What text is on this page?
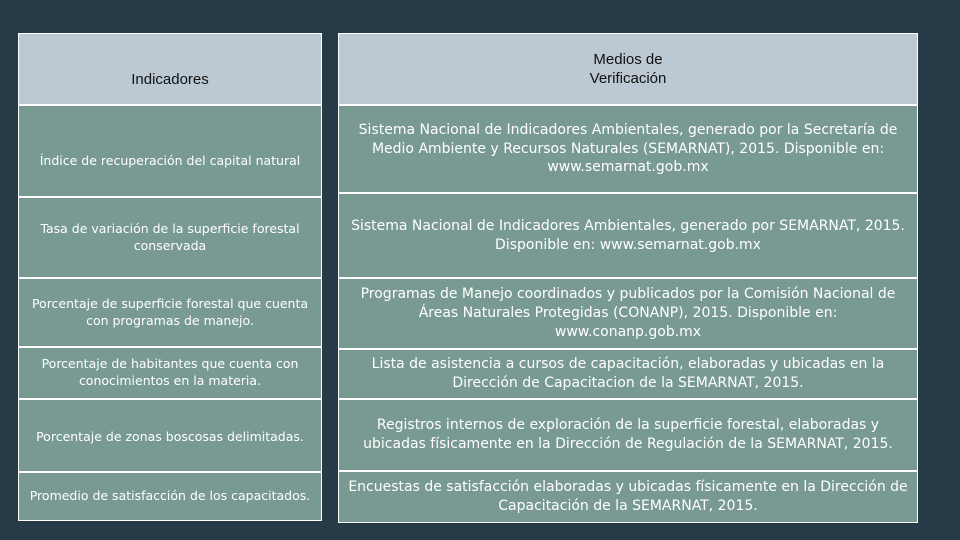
Indicadores
Índice de recuperación del capital natural
Tasa de variación de la superficie forestal conservada
Porcentaje de superficie forestal que cuenta con programas de manejo.
Porcentaje de habitantes que cuenta con conocimientos en la materia.
Porcentaje de zonas boscosas delimitadas.
Promedio de satisfacción de los capacitados.
Medios de
Verificación
Sistema Nacional de Indicadores Ambientales, generado por la Secretaría de Medio Ambiente y Recursos Naturales (SEMARNAT), 2015. Disponible en: www.semarnat.gob.mx
Sistema Nacional de Indicadores Ambientales, generado por SEMARNAT, 2015. Disponible en: www.semarnat.gob.mx
Programas de Manejo coordinados y publicados por la Comisión Nacional de Áreas Naturales Protegidas (CONANP), 2015. Disponible en: www.conanp.gob.mx
Lista de asistencia a cursos de capacitación, elaboradas y ubicadas en la Dirección de Capacitacion de la SEMARNAT, 2015.
Registros internos de exploración de la superficie forestal, elaboradas y ubicadas físicamente en la Dirección de Regulación de la SEMARNAT, 2015.
Encuestas de satisfacción elaboradas y ubicadas físicamente en la Dirección de Capacitación de la SEMARNAT, 2015.
